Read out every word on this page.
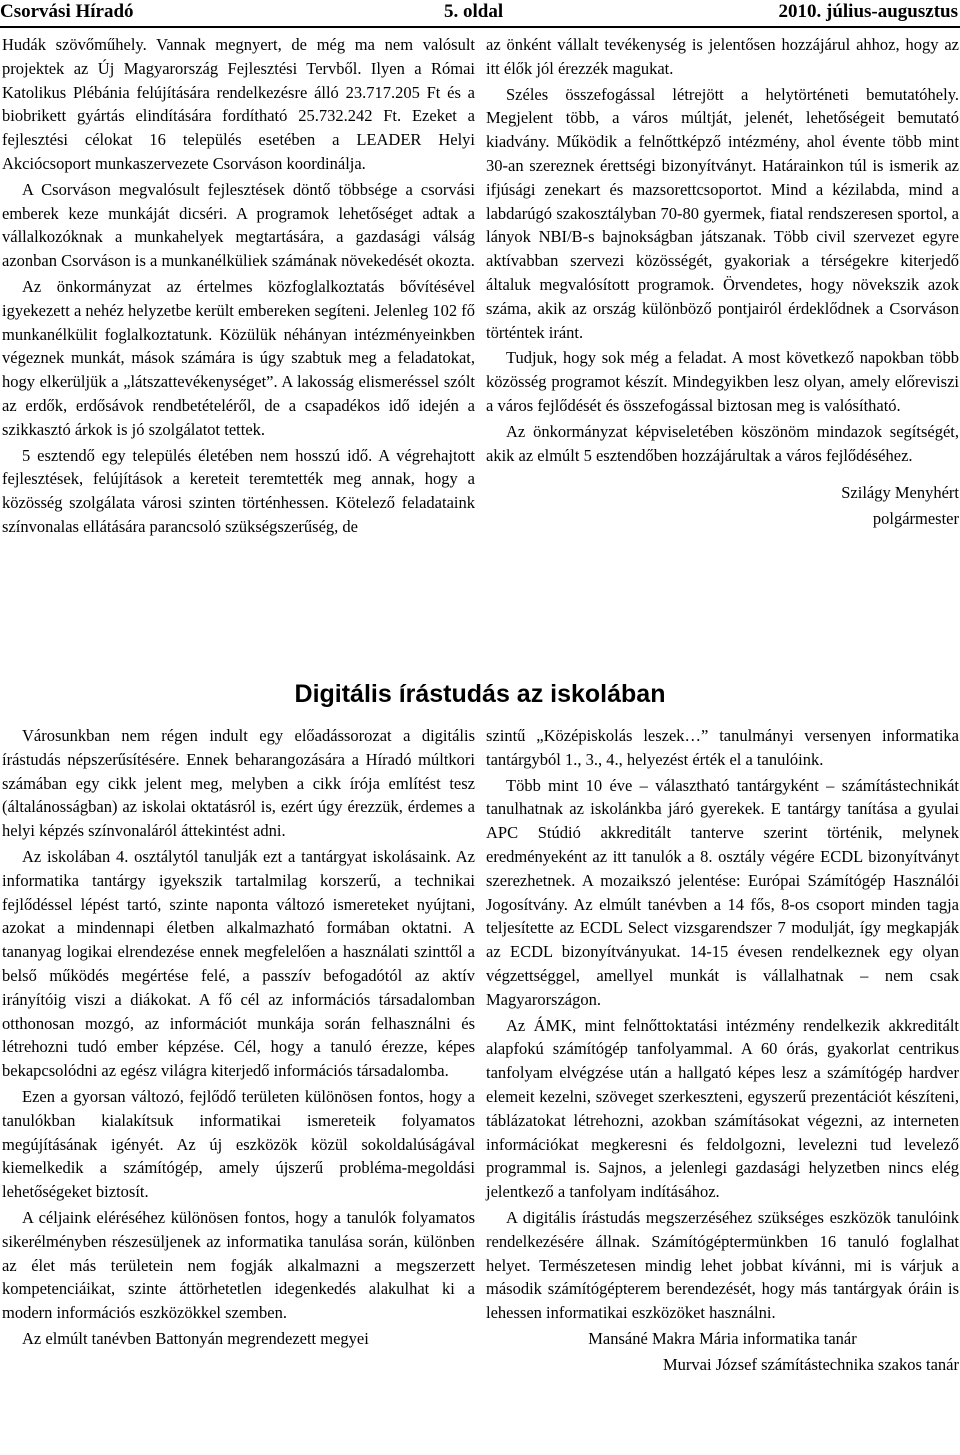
Csorvási Híradó	5. oldal	2010. július-augusztus

Hudák szövőműhely. Vannak megnyert, de még ma nem valósult projektek az Új Magyarország Fejlesztési Tervből. Ilyen a Római Katolikus Plébánia felújítására rendelkezésre álló 23.717.205 Ft és a biobrikett gyártás elindítására fordítható 25.732.242 Ft. Ezeket a fejlesztési célokat 16 település esetében a LEADER Helyi Akciócsoport munkaszervezete Csorváson koordinálja.

A Csorváson megvalósult fejlesztések döntő többsége a csorvási emberek keze munkáját dicséri. A programok lehetőséget adtak a vállalkozóknak a munkahelyek megtartására, a gazdasági válság azonban Csorváson is a munkanélküliek számának növekedését okozta.

Az önkormányzat az értelmes közfoglalkoztatás bővítésével igyekezett a nehéz helyzetbe került embereken segíteni. Jelenleg 102 fő munkanélkülit foglalkoztatunk. Közülük néhányan intézményeinkben végeznek munkát, mások számára is úgy szabtuk meg a feladatokat, hogy elkerüljük a „látszattevékenységet”. A lakosság elismeréssel szólt az erdők, erdősávok rendbetételéről, de a csapadékos idő idején a szikkasztó árkok is jó szolgálatot tettek.

5 esztendő egy település életében nem hosszú idő. A végrehajtott fejlesztések, felújítások a kereteit teremtették meg annak, hogy a közösség szolgálata városi szinten történhessen. Kötelező feladataink színvonalas ellátására parancsoló szükségszerűség, de

az önként vállalt tevékenység is jelentősen hozzájárul ahhoz, hogy az itt élők jól érezzék magukat.

Széles összefogással létrejött a helytörténeti bemutatóhely. Megjelent több, a város múltját, jelenét, lehetőségeit bemutató kiadvány. Működik a felnőttképző intézmény, ahol évente több mint 30-an szereznek érettségi bizonyítványt. Határainkon túl is ismerik az ifjúsági zenekart és mazsorettcsoportot. Mind a kézilabda, mind a labdarúgó szakosztályban 70-80 gyermek, fiatal rendszeresen sportol, a lányok NBI/B-s bajnokságban játszanak. Több civil szervezet egyre aktívabban szervezi közösségét, gyakoriak a térségekre kiterjedő általuk megvalósított programok. Örvendetes, hogy növekszik azok száma, akik az ország különböző pontjairól érdeklődnek a Csorváson történtek iránt.

Tudjuk, hogy sok még a feladat. A most következő napokban több közösség programot készít. Mindegyikben lesz olyan, amely előreviszi a város fejlődését és összefogással biztosan meg is valósítható.

Az önkormányzat képviseletében köszönöm mindazok segítségét, akik az elmúlt 5 esztendőben hozzájárultak a város fejlődéséhez.

Szilágy Menyhért

polgármester

Digitális írástudás az iskolában

Városunkban nem régen indult egy előadássorozat a digitális írástudás népszerűsítésére. Ennek beharangozására a Híradó múltkori számában egy cikk jelent meg, melyben a cikk írója említést tesz (általánosságban) az iskolai oktatásról is, ezért úgy érezzük, érdemes a helyi képzés színvonaláról áttekintést adni.

Az iskolában 4. osztálytól tanulják ezt a tantárgyat iskolásaink. Az informatika tantárgy igyekszik tartalmilag korszerű, a technikai fejlődéssel lépést tartó, szinte naponta változó ismereteket nyújtani, azokat a mindennapi életben alkalmazható formában oktatni. A tananyag logikai elrendezése ennek megfelelően a használati szinttől a belső működés megértése felé, a passzív befogadótól az aktív irányítóig viszi a diákokat. A fő cél az információs társadalomban otthonosan mozgó, az információt munkája során felhasználni és létrehozni tudó ember képzése. Cél, hogy a tanuló érezze, képes bekapcsolódni az egész világra kiterjedő információs társadalomba.

Ezen a gyorsan változó, fejlődő területen különösen fontos, hogy a tanulókban kialakítsuk informatikai ismereteik folyamatos megújításának igényét. Az új eszközök közül sokoldalúságával kiemelkedik a számítógép, amely újszerű probléma-megoldási lehetőségeket biztosít.

A céljaink eléréséhez különösen fontos, hogy a tanulók folyamatos sikerélményben részesüljenek az informatika tanulása során, különben az élet más területein nem fogják alkalmazni a megszerzett kompetenciáikat, szinte áttörhetetlen idegenkedés alakulhat ki a modern információs eszközökkel szemben.

Az elmúlt tanévben Battonyán megrendezett megyei

szintű „Középiskolás leszek…” tanulmányi versenyen informatika tantárgyból 1., 3., 4., helyezést érték el a tanulóink.

Több mint 10 éve – választható tantárgyként – számítástechnikát tanulhatnak az iskolánkba járó gyerekek. E tantárgy tanítása a gyulai APC Stúdió akkreditált tanterve szerint történik, melynek eredményeként az itt tanulók a 8. osztály végére ECDL bizonyítványt szerezhetnek. A mozaikszó jelentése: Európai Számítógép Használói Jogosítvány. Az elmúlt tanévben a 14 fős, 8-os csoport minden tagja teljesítette az ECDL Select vizsgarendszer 7 modulját, így megkapják az ECDL bizonyítványukat. 14-15 évesen rendelkeznek egy olyan végzettséggel, amellyel munkát is vállalhatnak – nem csak Magyarországon.

Az ÁMK, mint felnőttoktatási intézmény rendelkezik akkreditált alapfokú számítógép tanfolyammal. A 60 órás, gyakorlat centrikus tanfolyam elvégzése után a hallgató képes lesz a számítógép hardver elemeit kezelni, szöveget szerkeszteni, egyszerű prezentációt készíteni, táblázatokat létrehozni, azokban számításokat végezni, az interneten információkat megkeresni és feldolgozni, levelezni tud levelező programmal is. Sajnos, a jelenlegi gazdasági helyzetben nincs elég jelentkező a tanfolyam indításához.

A digitális írástudás megszerzéséhez szükséges eszközök tanulóink rendelkezésére állnak. Számítógéptermünkben 16 tanuló foglalhat helyet. Természetesen mindig lehet jobbat kívánni, mi is várjuk a második számítógépterem berendezését, hogy más tantárgyak óráin is lehessen informatikai eszközöket használni.

Mansáné Makra Mária informatika tanár

Murvai József számítástechnika szakos tanár
